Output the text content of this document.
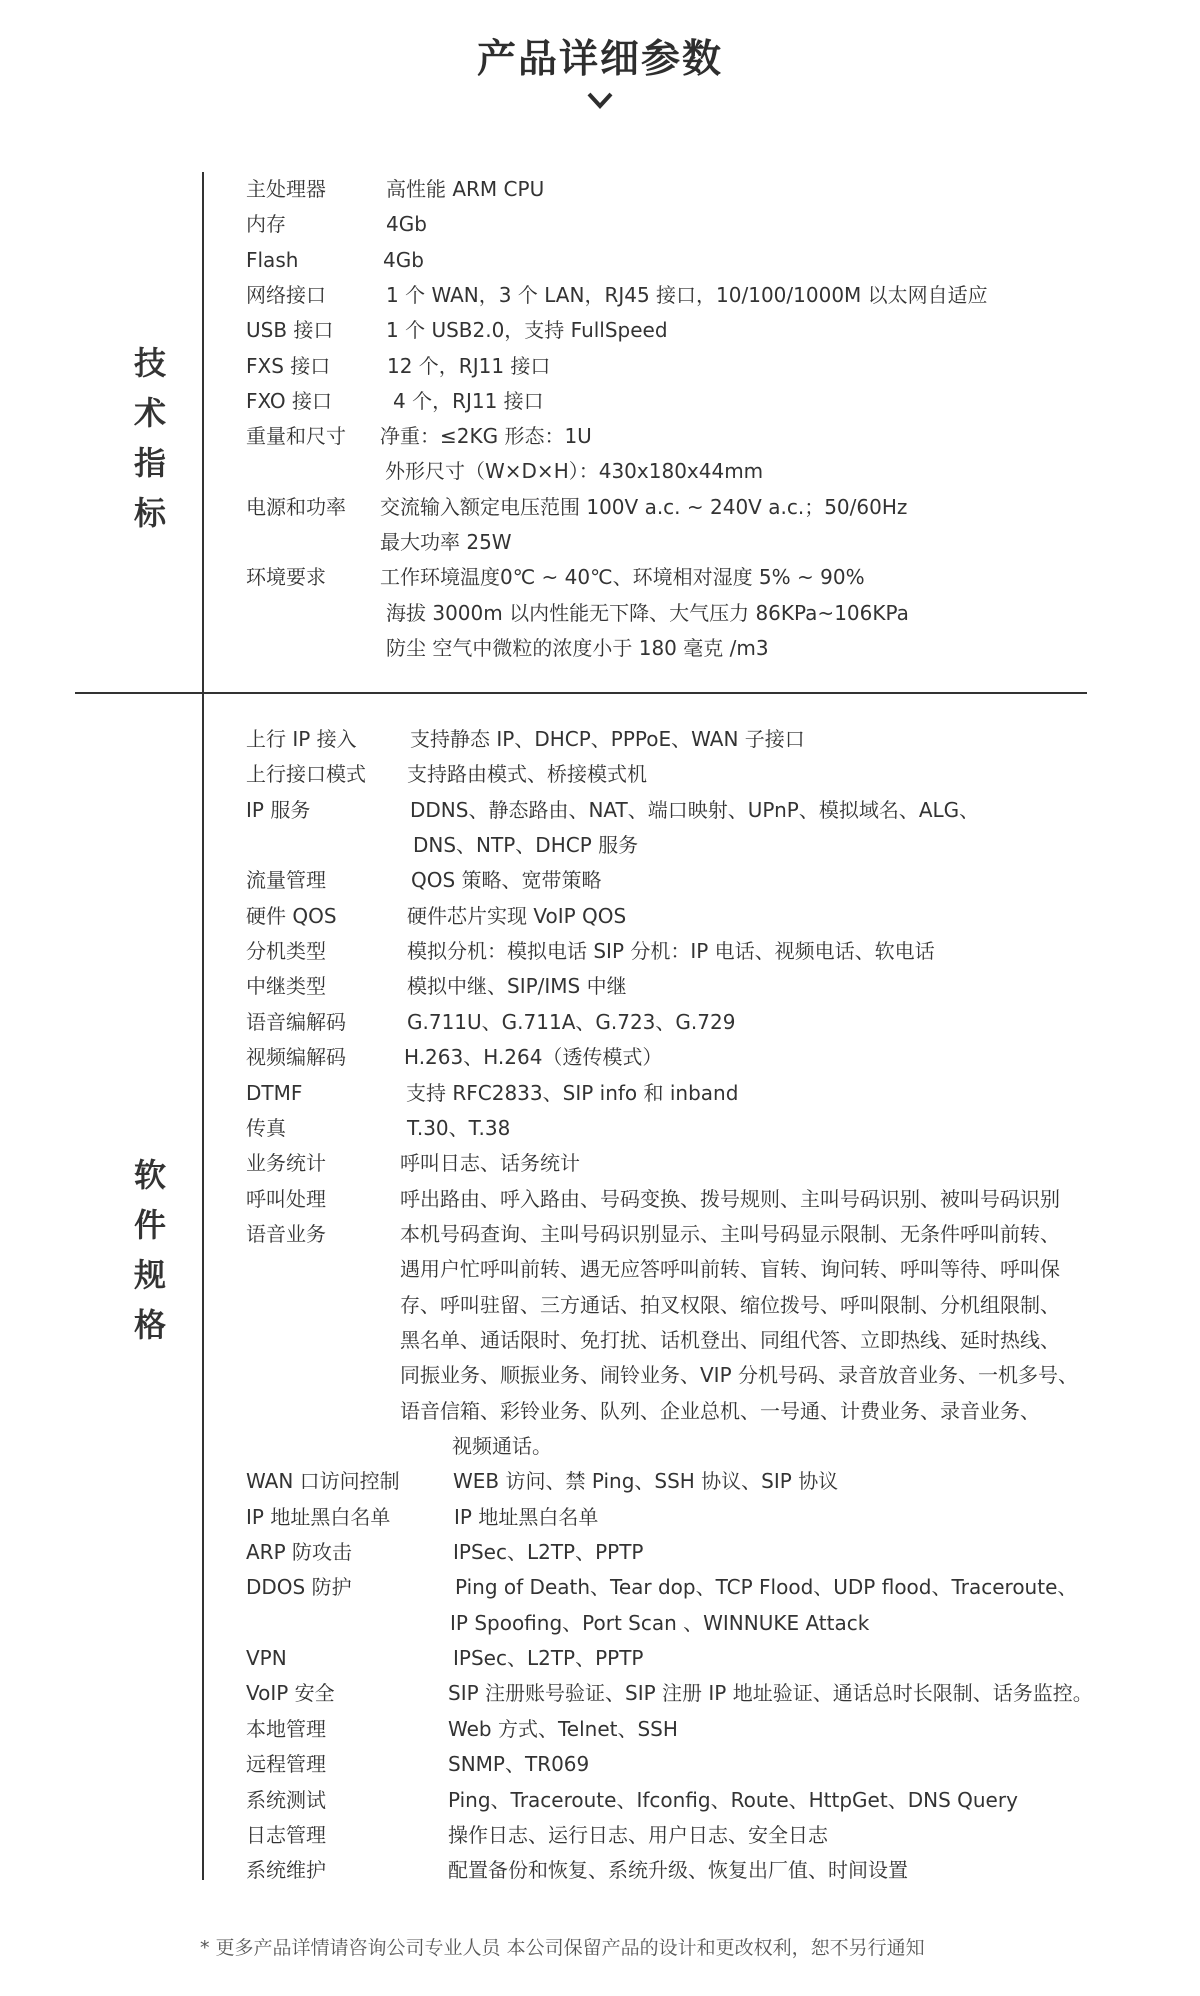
产品详细参数
技
术
指
标
软
件
规
格
主处理器	高性能 ARM CPU
内存	4Gb
Flash	4Gb
网络接口	1 个 WAN，3 个 LAN，RJ45 接口，10/100/1000M 以太网自适应
USB 接口	1 个 USB2.0，支持 FullSpeed
FXS 接口	12 个，RJ11 接口
FXO 接口	4 个，RJ11 接口
重量和尺寸 净重：≤2KG 形态：1U
外形尺寸（W×D×H）：430x180x44mm
电源和功率 交流输入额定电压范围 100V a.c. ~ 240V a.c.；50/60Hz
最大功率 25W
环境要求	工作环境温度0℃ ~ 40℃、环境相对湿度 5% ~ 90%
海拔 3000m 以内性能无下降、大气压力 86KPa~106KPa
防尘 空气中微粒的浓度小于 180 毫克 /m3
上行 IP 接入	支持静态 IP、DHCP、PPPoE、WAN 子接口
上行接口模式 支持路由模式、桥接模式机
IP 服务	DDNS、静态路由、NAT、端口映射、UPnP、模拟域名、ALG、
DNS、NTP、DHCP 服务
流量管理	QOS 策略、宽带策略
硬件 QOS	硬件芯片实现 VoIP QOS
分机类型	模拟分机：模拟电话 SIP 分机：IP 电话、视频电话、软电话
中继类型	模拟中继、SIP/IMS 中继
语音编解码	G.711U、G.711A、G.723、G.729
视频编解码	H.263、H.264（透传模式）
DTMF	支持 RFC2833、SIP info 和 inband
传真	T.30、T.38
业务统计	呼叫日志、话务统计
呼叫处理	呼出路由、呼入路由、号码变换、拨号规则、主叫号码识别、被叫号码识别
语音业务	本机号码查询、主叫号码识别显示、主叫号码显示限制、无条件呼叫前转、
遇用户忙呼叫前转、遇无应答呼叫前转、盲转、询问转、呼叫等待、呼叫保
存、呼叫驻留、三方通话、拍叉权限、缩位拨号、呼叫限制、分机组限制、
黑名单、通话限时、免打扰、话机登出、同组代答、立即热线、延时热线、
同振业务、顺振业务、闹铃业务、VIP 分机号码、录音放音业务、一机多号、
语音信箱、彩铃业务、队列、企业总机、一号通、计费业务、录音业务、
视频通话。
WAN 口访问控制	WEB 访问、禁 Ping、SSH 协议、SIP 协议
IP 地址黑白名单	IP 地址黑白名单
ARP 防攻击	IPSec、L2TP、PPTP
DDOS 防护	Ping of Death、Tear dop、TCP Flood、UDP flood、Traceroute、
IP Spoofing、Port Scan 、WINNUKE Attack
VPN	IPSec、L2TP、PPTP
VoIP 安全	SIP 注册账号验证、SIP 注册 IP 地址验证、通话总时长限制、话务监控。
本地管理	Web 方式、Telnet、SSH
远程管理	SNMP、TR069
系统测试	Ping、Traceroute、Ifconfig、Route、HttpGet、DNS Query
日志管理	操作日志、运行日志、用户日志、安全日志
系统维护	配置备份和恢复、系统升级、恢复出厂值、时间设置
* 更多产品详情请咨询公司专业人员 本公司保留产品的设计和更改权利，恕不另行通知
